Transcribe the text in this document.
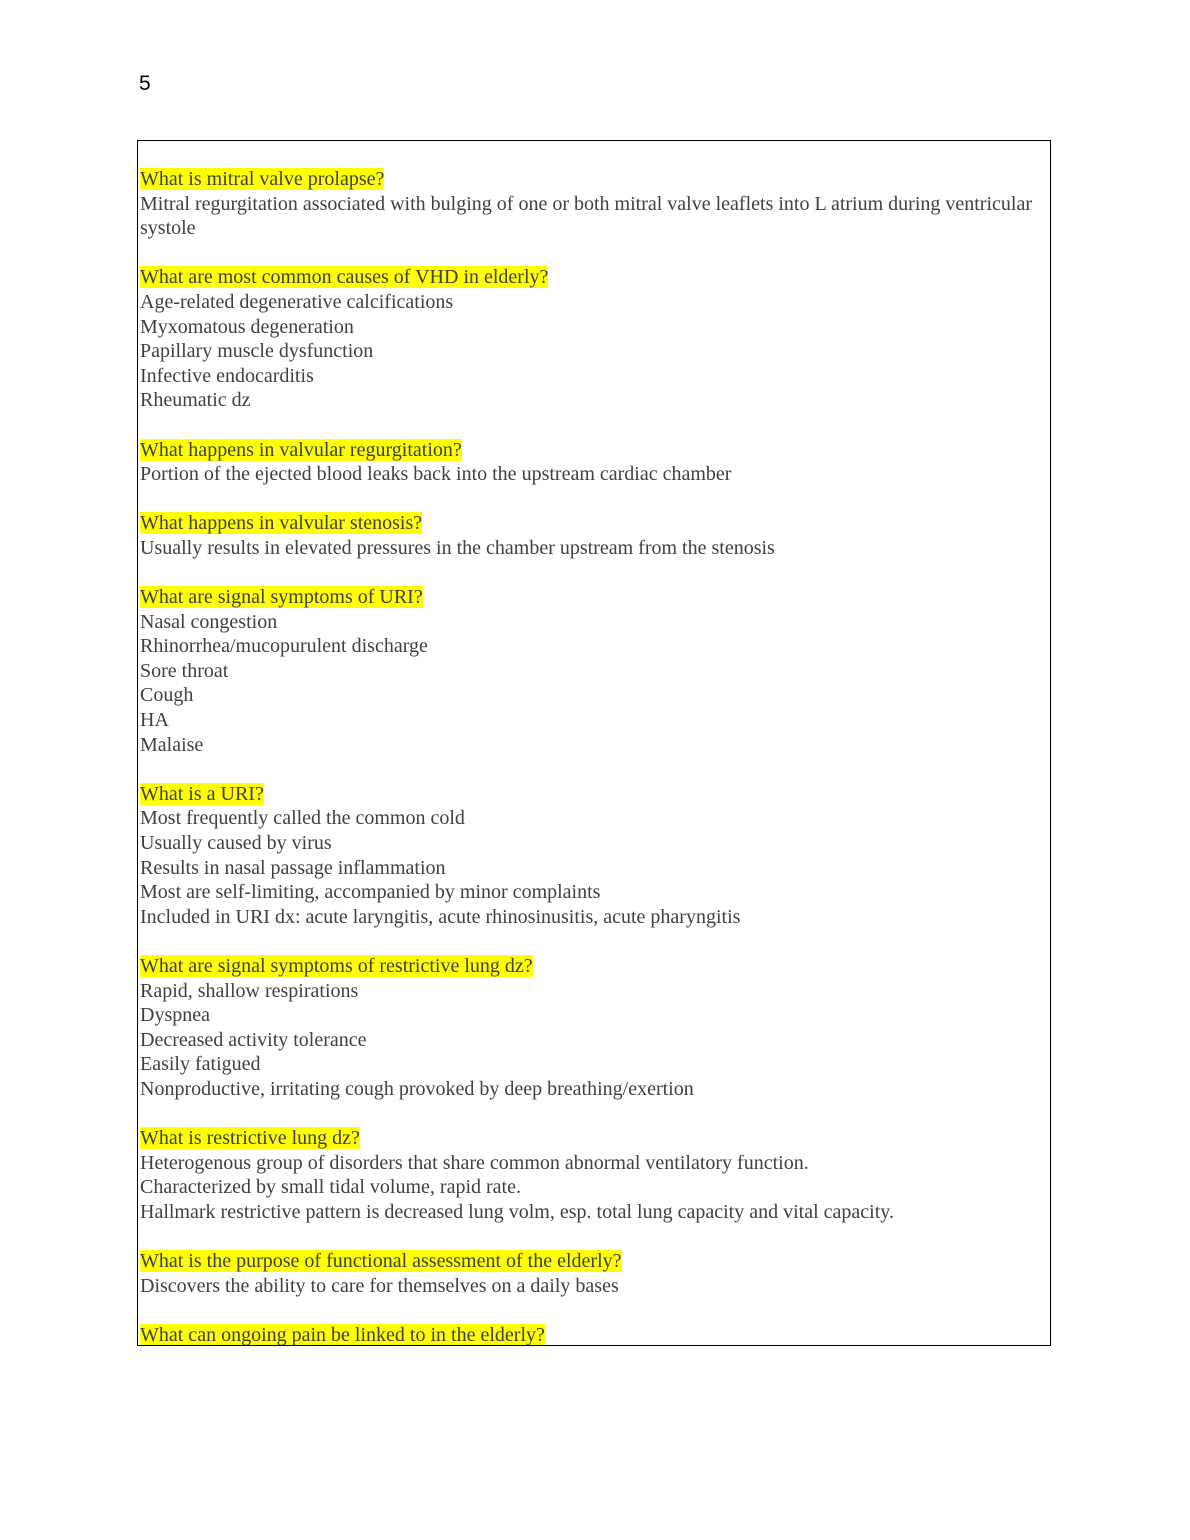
5
What is mitral valve prolapse?
Mitral regurgitation associated with bulging of one or both mitral valve leaflets into L atrium during ventricular systole
What are most common causes of VHD in elderly?
Age-related degenerative calcifications
Myxomatous degeneration
Papillary muscle dysfunction
Infective endocarditis
Rheumatic dz
What happens in valvular regurgitation?
Portion of the ejected blood leaks back into the upstream cardiac chamber
What happens in valvular stenosis?
Usually results in elevated pressures in the chamber upstream from the stenosis
What are signal symptoms of URI?
Nasal congestion
Rhinorrhea/mucopurulent discharge
Sore throat
Cough
HA
Malaise
What is a URI?
Most frequently called the common cold
Usually caused by virus
Results in nasal passage inflammation
Most are self-limiting, accompanied by minor complaints
Included in URI dx: acute laryngitis, acute rhinosinusitis, acute pharyngitis
What are signal symptoms of restrictive lung dz?
Rapid, shallow respirations
Dyspnea
Decreased activity tolerance
Easily fatigued
Nonproductive, irritating cough provoked by deep breathing/exertion
What is restrictive lung dz?
Heterogenous group of disorders that share common abnormal ventilatory function.
Characterized by small tidal volume, rapid rate.
Hallmark restrictive pattern is decreased lung volm, esp. total lung capacity and vital capacity.
What is the purpose of functional assessment of the elderly?
Discovers the ability to care for themselves on a daily bases
What can ongoing pain be linked to in the elderly?
